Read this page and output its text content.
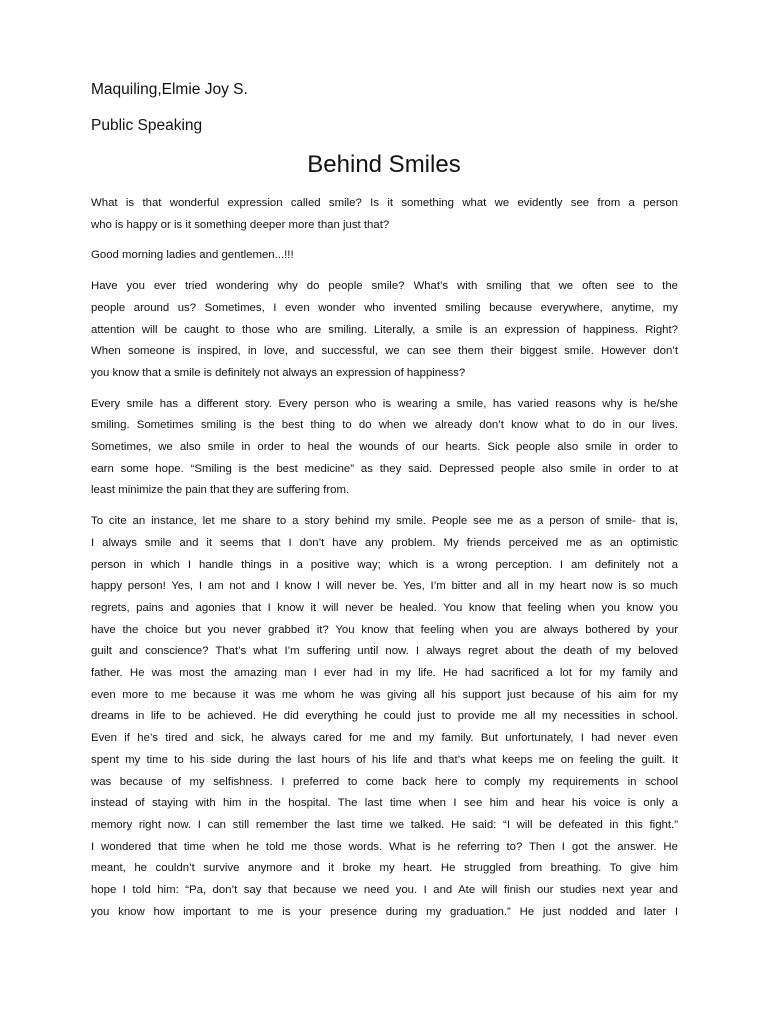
Maquiling,Elmie Joy S.
Public Speaking
Behind Smiles
What is that wonderful expression called smile? Is it something what we evidently see from a person
who is happy or is it something deeper more than just that?
Good morning ladies and gentlemen...!!!
Have you ever tried wondering why do people smile? What’s with smiling that we often see to the
people around us? Sometimes, I even wonder who invented smiling because everywhere, anytime, my
attention will be caught to those who are smiling. Literally, a smile is an expression of happiness. Right?
When someone is inspired, in love, and successful, we can see them their biggest smile. However don’t
you know that a smile is definitely not always an expression of happiness?
Every smile has a different story. Every person who is wearing a smile, has varied reasons why is he/she
smiling. Sometimes smiling is the best thing to do when we already don’t know what to do in our lives.
Sometimes, we also smile in order to heal the wounds of our hearts. Sick people also smile in order to
earn some hope. “Smiling is the best medicine” as they said. Depressed people also smile in order to at
least minimize the pain that they are suffering from.
To cite an instance, let me share to a story behind my smile. People see me as a person of smile- that is,
I always smile and it seems that I don’t have any problem. My friends perceived me as an optimistic
person in which I handle things in a positive way; which is a wrong perception. I am definitely not a
happy person! Yes, I am not and I know I will never be. Yes, I’m bitter and all in my heart now is so much
regrets, pains and agonies that I know it will never be healed. You know that feeling when you know you
have the choice but you never grabbed it? You know that feeling when you are always bothered by your
guilt and conscience? That’s what I’m suffering until now. I always regret about the death of my beloved
father. He was most the amazing man I ever had in my life. He had sacrificed a lot for my family and
even more to me because it was me whom he was giving all his support just because of his aim for my
dreams in life to be achieved. He did everything he could just to provide me all my necessities in school.
Even if he’s tired and sick, he always cared for me and my family. But unfortunately, I had never even
spent my time to his side during the last hours of his life and that’s what keeps me on feeling the guilt. It
was because of my selfishness. I preferred to come back here to comply my requirements in school
instead of staying with him in the hospital. The last time when I see him and hear his voice is only a
memory right now. I can still remember the last time we talked. He said: “I will be defeated in this fight.”
I wondered that time when he told me those words. What is he referring to? Then I got the answer. He
meant, he couldn’t survive anymore and it broke my heart. He struggled from breathing. To give him
hope I told him: “Pa, don’t say that because we need you. I and Ate will finish our studies next year and
you know how important to me is your presence during my graduation.” He just nodded and later I
